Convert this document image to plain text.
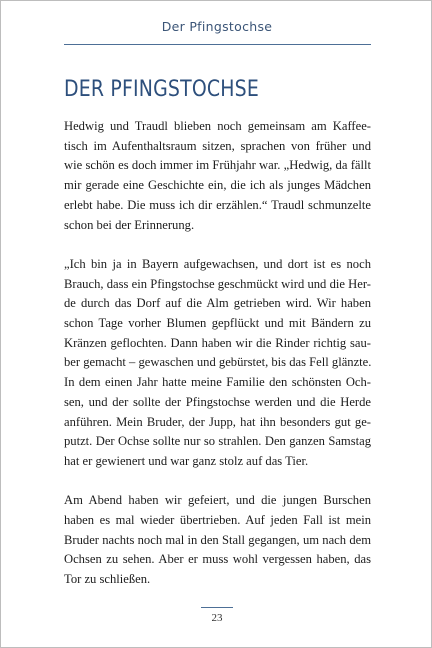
Der Pfingstochse
DER PFINGSTOCHSE

Hedwig und Traudl blieben noch gemeinsam am Kaffee-
tisch im Aufenthaltsraum sitzen, sprachen von früher und
wie schön es doch immer im Frühjahr war. „Hedwig, da fällt
mir gerade eine Geschichte ein, die ich als junges Mädchen
erlebt habe. Die muss ich dir erzählen.“ Traudl schmunzelte
schon bei der Erinnerung.

„Ich bin ja in Bayern aufgewachsen, und dort ist es noch
Brauch, dass ein Pfingstochse geschmückt wird und die Her-
de durch das Dorf auf die Alm getrieben wird. Wir haben
schon Tage vorher Blumen gepflückt und mit Bändern zu
Kränzen geflochten. Dann haben wir die Rinder richtig sau-
ber gemacht – gewaschen und gebürstet, bis das Fell glänzte.
In dem einen Jahr hatte meine Familie den schönsten Och-
sen, und der sollte der Pfingstochse werden und die Herde
anführen. Mein Bruder, der Jupp, hat ihn besonders gut ge-
putzt. Der Ochse sollte nur so strahlen. Den ganzen Samstag
hat er gewienert und war ganz stolz auf das Tier.

Am Abend haben wir gefeiert, und die jungen Burschen
haben es mal wieder übertrieben. Auf jeden Fall ist mein
Bruder nachts noch mal in den Stall gegangen, um nach dem
Ochsen zu sehen. Aber er muss wohl vergessen haben, das
Tor zu schließen.

23
